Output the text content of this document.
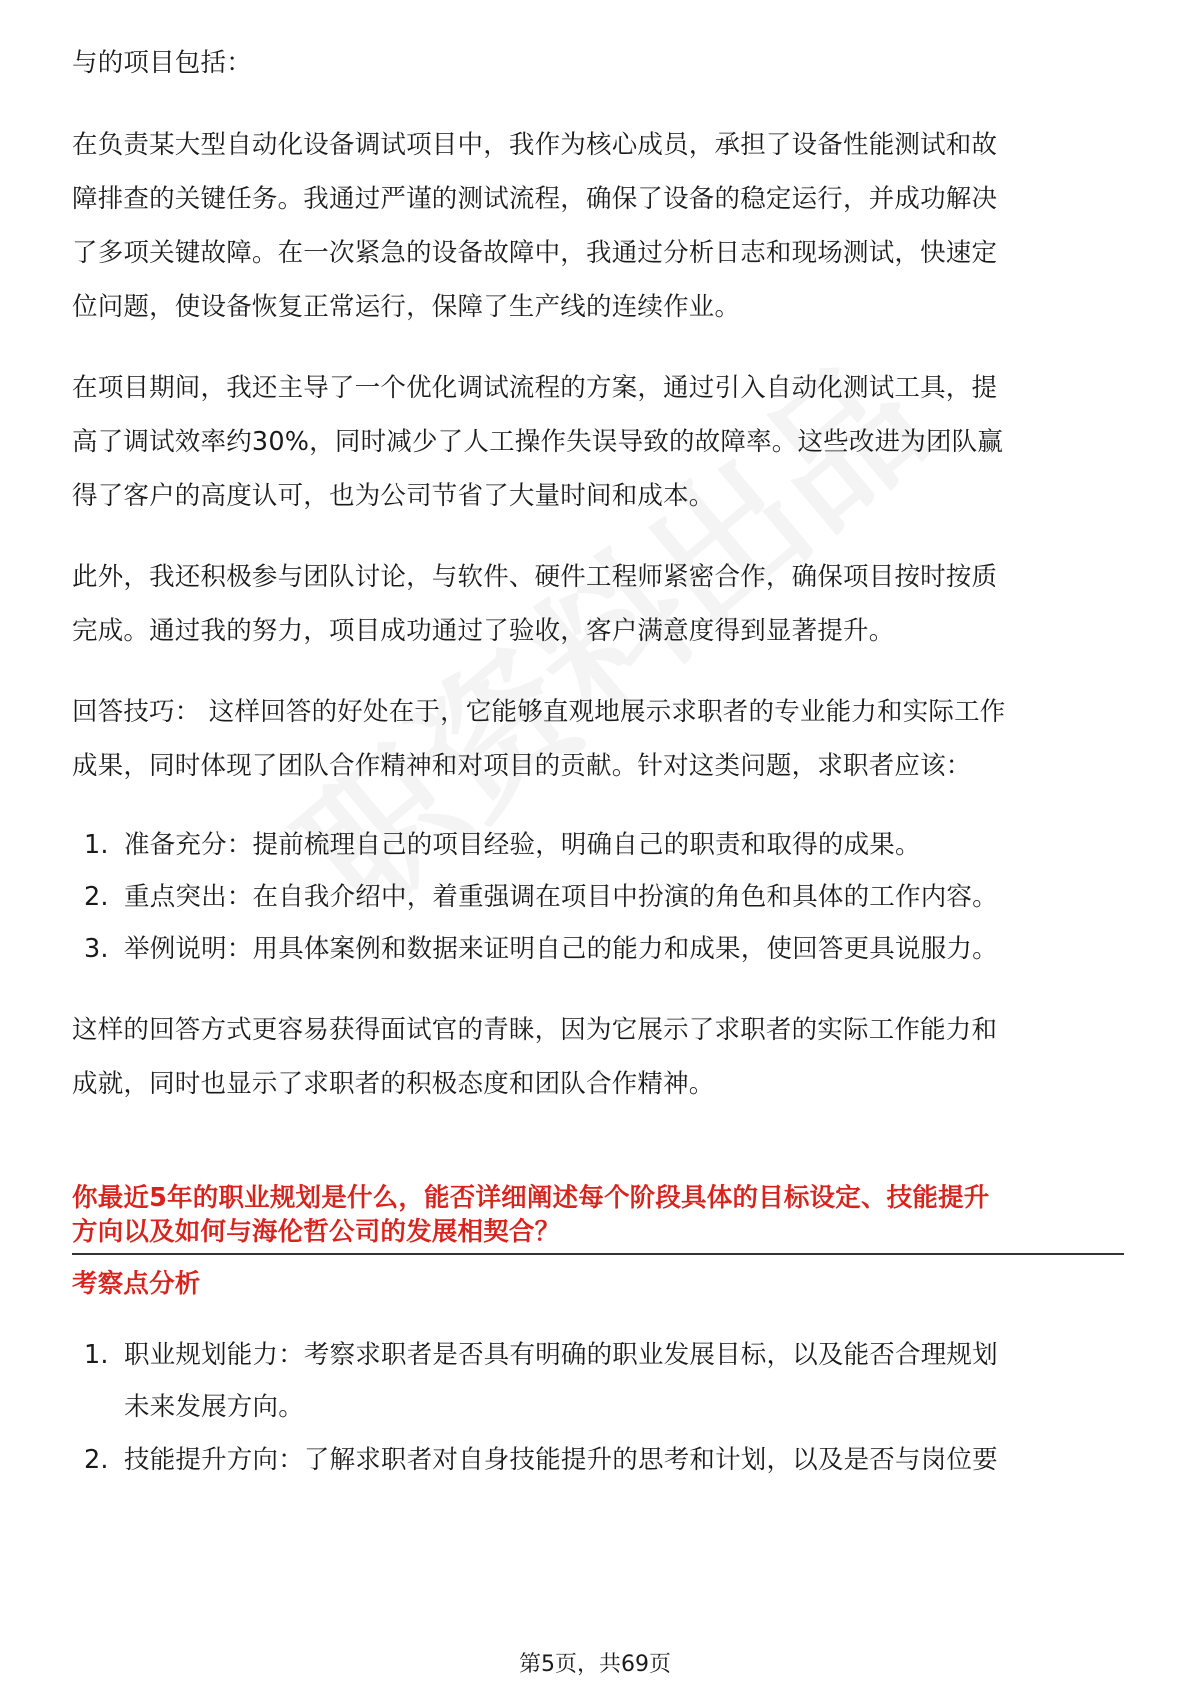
与的项目包括：

在负责某大型自动化设备调试项目中，我作为核心成员，承担了设备性能测试和故

障排查的关键任务。我通过严谨的测试流程，确保了设备的稳定运行，并成功解决

了多项关键故障。在一次紧急的设备故障中，我通过分析日志和现场测试，快速定

位问题，使设备恢复正常运行，保障了生产线的连续作业。

在项目期间，我还主导了一个优化调试流程的方案，通过引入自动化测试工具，提

高了调试效率约30%，同时减少了人工操作失误导致的故障率。这些改进为团队赢

得了客户的高度认可，也为公司节省了大量时间和成本。

此外，我还积极参与团队讨论，与软件、硬件工程师紧密合作，确保项目按时按质

完成。通过我的努力，项目成功通过了验收，客户满意度得到显著提升。

回答技巧： 这样回答的好处在于，它能够直观地展示求职者的专业能力和实际工作

成果，同时体现了团队合作精神和对项目的贡献。针对这类问题，求职者应该：

1. 准备充分：提前梳理自己的项目经验，明确自己的职责和取得的成果。
2. 重点突出：在自我介绍中，着重强调在项目中扮演的角色和具体的工作内容。
3. 举例说明：用具体案例和数据来证明自己的能力和成果，使回答更具说服力。

这样的回答方式更容易获得面试官的青睐，因为它展示了求职者的实际工作能力和

成就，同时也显示了求职者的积极态度和团队合作精神。

你最近5年的职业规划是什么，能否详细阐述每个阶段具体的目标设定、技能提升

方向以及如何与海伦哲公司的发展相契合？

考察点分析

1. 职业规划能力：考察求职者是否具有明确的职业发展目标，以及能否合理规划
未来发展方向。
2. 技能提升方向：了解求职者对自身技能提升的思考和计划，以及是否与岗位要
第5页，共69页
